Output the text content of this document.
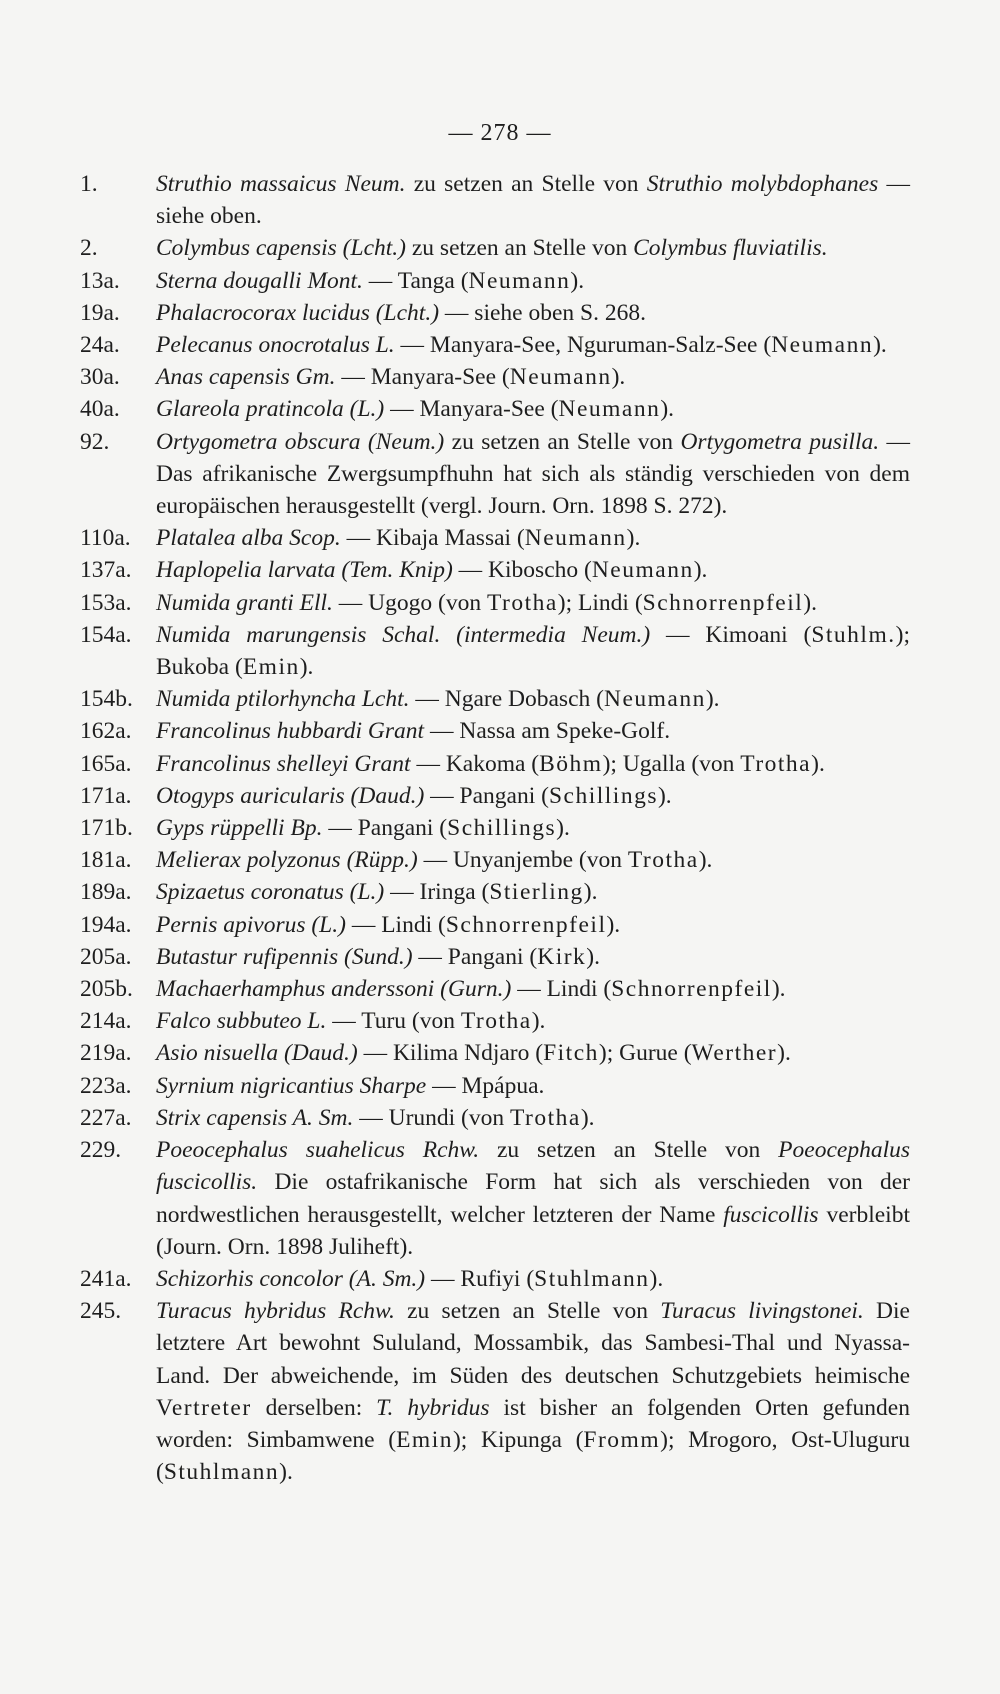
— 278 —
1.	Struthio massaicus Neum. zu setzen an Stelle von Struthio molybdophanes — siehe oben.
2.	Colymbus capensis (Lcht.) zu setzen an Stelle von Colymbus fluviatilis.
13a.	Sterna dougalli Mont. — Tanga (Neumann).
19a.	Phalacrocorax lucidus (Lcht.) — siehe oben S. 268.
24a.	Pelecanus onocrotalus L. — Manyara-See, Nguruman-Salz-See (Neumann).
30a.	Anas capensis Gm. — Manyara-See (Neumann).
40a.	Glareola pratincola (L.) — Manyara-See (Neumann).
92.	Ortygometra obscura (Neum.) zu setzen an Stelle von Ortygometra pusilla. — Das afrikanische Zwergsumpfhuhn hat sich als ständig verschieden von dem europäischen herausgestellt (vergl. Journ. Orn. 1898 S. 272).
110a.	Platalea alba Scop. — Kibaja Massai (Neumann).
137a.	Haplopelia larvata (Tem. Knip) — Kiboscho (Neumann).
153a.	Numida granti Ell. — Ugogo (von Trotha); Lindi (Schnorrenpfeil).
154a.	Numida marungensis Schal. (intermedia Neum.) — Kimoani (Stuhlm.); Bukoba (Emin).
154b. Numida ptilorhyncha Lcht. — Ngare Dobasch (Neumann).
162a.	Francolinus hubbardi Grant — Nassa am Speke-Golf.
165a.	Francolinus shelleyi Grant — Kakoma (Böhm); Ugalla (von Trotha).
171a.	Otogyps auricularis (Daud.) — Pangani (Schillings).
171b. Gyps rüppelli Bp. — Pangani (Schillings).
181a.	Melierax polyzonus (Rüpp.) — Unyanjembe (von Trotha).
189a.	Spizaetus coronatus (L.) — Iringa (Stierling).
194a.	Pernis apivorus (L.) — Lindi (Schnorrenpfeil).
205a.	Butastur rufipennis (Sund.) — Pangani (Kirk).
205b. Machaerhamphus anderssoni (Gurn.) — Lindi (Schnorrenpfeil).
214a.	Falco subbuteo L. — Turu (von Trotha).
219a.	Asio nisuella (Daud.) — Kilima Ndjaro (Fitch); Gurue (Werther).
223a.	Syrnium nigricantius Sharpe — Mpápua.
227a.	Strix capensis A. Sm. — Urundi (von Trotha).
229.	Poeocephalus suahelicus Rchw. zu setzen an Stelle von Poeocephalus fuscicollis. Die ostafrikanische Form hat sich als verschieden von der nordwestlichen herausgestellt, welcher letzteren der Name fuscicollis verbleibt (Journ. Orn. 1898 Juliheft).
241a.	Schizorhis concolor (A. Sm.) — Rufiyi (Stuhlmann).
245.	Turacus hybridus Rchw. zu setzen an Stelle von Turacus livingstonei. Die letztere Art bewohnt Sululand, Mossambik, das Sambesi-Thal und Nyassa-Land. Der abweichende, im Süden des deutschen Schutzgebiets heimische Vertreter derselben: T. hybridus ist bisher an folgenden Orten gefunden worden: Simbamwene (Emin); Kipunga (Fromm); Mrogoro, Ost-Uluguru (Stuhlmann).
